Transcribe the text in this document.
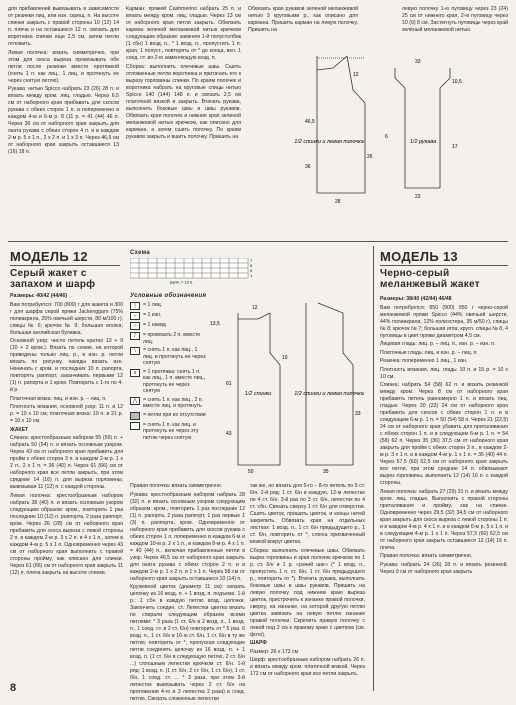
для прибавлений вывязывать в зависимости от резинки лиц. или изн. скрещ. п. На высоте спинки закрыть с правой стороны 10 (12) 14 п. плеча и на оставшихся 12 п. связать для воротника спинки еще 2,5 см, затем петли отложить.

Левая полочка: вязать симметрично, при этом для скоса выреза провязывать обе петли после резинки вместе протяжкой (снять 1 п. как лиц., 1 лиц. и протянуть ее через снятую петлю).

Рукава: нитью Spicco набрать 23 (26) 28 п. и вязать между кром. лиц. гладью. Через 6,5 см от наборного края прибавить для скосов рукава с обеих сторон 1 п. и попеременно в каждом 4-м и 6-м р. 8 (11 р. = 41 (44) 46 п. Через 36 см от наборного края закрыть для оката рукава с обеих сторон 4 п. и в каждом 2-м р. 5 х 1 п., 2 х 2 п. и 1 х 3 п. Через 46,5 см от наборного края закрыть оставшиеся 13 (16) 18 п.

Карман: пряжей Cashmerino набрать 25 п. и вязать между кром. лиц. гладью. Через 13 см от наборного края петли закрыть. Обвязать карман зеленой меланжевой нитью крючком следующим образом: заменяя 1-й полустолбик (1 сбн) 1 возд. п., * 1 возд. п., пропустить 1 п. края, 1 полуст., повторять от * до конца, вкл. 1 соед. ст. во 2-ю заменяющую возд. п.

Сборка: выполнить плечевые швы. Сшить отложенные петли воротника и притачать его к вырезу горловины спинки. По краям полочек и воротника набрать на круговые спицы нитью Spicco 140 (144) 148 п. и связать 2,5 см платочной вязкой и закрыть. Втачать рукава, выполнить боковые швы и швы рукавов. Обвязать края полочек и нижние края зеленой меланжевой нитью крючком, как описано для кармана, а затем сшить полочку. По краям рукавов закрыть и вшить полочку. Пришить на

Обвязать края рукавов зеленой меланжевой нитью 3 круговыми р., как описано для кармана. Пришить карман на левую полочку. Пришить на

левую полочку 1-ю пуговицу через 23 (24) 25 см от нижнего края, 2-ю пуговицу через 10 (9) 8 см. Застегнуть пуговицы через край зелёный меланжевой нитью.

1/2 спинки и левая полочка	1/2 рукава
46,5
36
28
12
26
23
33
10,5
6
17
МОДЕЛЬ 12
Серый жакет с запахом и шарф

Размеры: 40/42 (44/46)

Вам потребуется: 700 (800) г для жакета и 300 г для шарфа серой пряжи Jackenggarn (75% полиакрила, 25% овечьей шерсти, 80 м/100 г); спицы № 6; крючок № 9; большая иголка; большая английская булавка.

Основной узор: число петель кратно 13 + 9 (10 + 2 кром.). Вязать по схеме, на которой приведены только лиц. р., в изн. р. петли вязать по рисунку, накиды вязать изн. Начинать с кром. и последних 10 п. рапорта, повторять раппорт, заканчивать первыми 12 (1) п. рапорта и 1 кром. Повторить с 1-го по 4-й р.

Платочная вязка: лиц. и изн. р. – лиц. п.

Плотность вязания, основной узор: 11 п. и 12 р. = 10 х 10 см; платочная вязка: 10 п. и 21 р. = 10 х 10 см.

ЖАКЕТ

Спинка: крестообразным набором 55 (59) п. + набрать 50 (54) п. и вязать основным узором. Через 43 см от наборного края прибавить для пройм с обеих сторон 3 п. в каждом 2-м р. 1 х 2 п., 2 х 1 п. = 36 (40) п. Через 61 (66) см от наборного края все петли закрыть, при этом средние 14 (16) п. для выреза горловины, вывязывая 11 (12) п. с каждой стороны.

Левая полочка: крестообразным набором набрать 38 (40) п. и вязать основным узором следующим образом: кром., повторить 1 раз последние 10 (12) п. раппорта, 2 раза раппорт, кром. Через 26 (28) см от наборного края прибавить для скоса выреза с левой стороны 2 п. в каждом 2-м р. 3 х 2 п. и 4 х 1 п., затем в каждом 4-м р. 5 х 1 п. Одновременно через 43 см от наборного края выполнить с правой стороны пройму, как описано для спинки. Через 61 (66) см от наборного края закрыть 11 (12) п. плеча закрыть на высоте спинки.

Схема
1
3
5
7
рапп. = 13 п.
Условные обозначения
|	= 1 лиц.
–	= 1 изн.
○	= 1 накид
/	= провязать 2 п. вместе лиц.
\	= снять 1 п. как лиц., 1 лиц. и протянуть ее через снятую
∧	= 1 протяжка: снять 1 п. как лиц., 1 п. вместе лиц., протянуть ее через снятую
⋀	= снять 1 п. как лиц., 2 п. вместе лиц. и протянуть
= петли при их отсутствии
⌒	= снять 1 п. как лиц. и протянуть ее через эту петлю через снятую
1/2 спинки и левая полочка
1/2 спинки
61
43
50	35
12
33
13,5
10

Правая полочка: вязать симметрично.

Рукава: крестообразным набором набрать 28 (32) п. и вязать основным узором следующим образом: кром., повторить 1 раз последние 12 (1) п. рапорта, 2 раза раппорт, 1 раз первые 1 (3) п. раппорта, кром. Одновременно от наборного края прибавить для скосов рукава с обеих сторон 1 п. попеременно в каждом 6-м и каждом 10-м р. 2 х 1 п., в каждом 8-м р. 4 х 1 п. = 40 (44) п., включая прибавленные петли в узор. Через 46,5 см от наборного края закрыть для оката рукава с обеих сторон 2 п. и в каждом 2-м р. 1 х 2 п. и 1 х 1 п. Через 58 см от наборного края закрыть оставшиеся 10 (14) п.

Кружевной цветок (диаметр 11 см): связать цепочку из 16 возд. п. + 1 возд. п. подъема. 1-й р.: 1 сбн в каждую петлю возд. цепочки. Закончить соедин. ст. Лепестки цветка вязать по спирали следующим образом всеми петлями: * 3 раза (1 ст. 6/н в 2 возд. п., 1 возд. п., 1 соед. ст. в 2 ст. 6/н) повторить от * 5 раз. 6 возд. п., 1 ст. 6/н в 16-ю ст. 6/н, 1 ст. 6/н в ту же петлю, повторить от *, пропуская следующие петли соединять цепочку из 16 возд. п. + 1 возд. п. (1 ст. 6/н в следующую петлю, 2 ст. 6/н ...) сплошным лепестки крючком ст. 6/н. 1-й ряд: 1 возд. п. (1 ст. 6/н, 2 ст. 6/н, 1 ст. 6/н), 1 ст. б/н, 1 соед. ст. ... * 3 раза, при этом 3-й лепесток вывязывать через 2 ст. 6/н на протяжении 4-го и 3 лепестка 2 раза) в соед. петлю. Связать сложенные лепестки

так же, но вязать для 5-го – 8-го петель по 5 ст. 6/н. 2-й ряд: 1 ст. 6/н в каждую, 12-м лепестке по 4 ст. 6/н. 3-й раз по 3 ст. 6/н, лепесток по 4 ст. сбн. Связать сверху 1 ст. 6/н для отверстия. Сшить цветок, пришить цветок, и концы нитей закрепить. Обвязать края на отдельных листках: 1 возд. п., 1 ст. 6/н предыдущего р., 1 ст. 6/н, повторить от *, слегка прихваченный вязкой вокруг цветка.

Сборка: выполнить плечевые швы. Обвязать вырез горловины и края полочек крючком по 1 р. ст. 6/н и 1 р. «рачий шаг» (* 1 возд. п., пропустить 1 п. ст. 6/н, 1 ст. 6/н предыдущего р., повторить от *). Втачать рукава, выполнить боковые швы и швы рукавов. Пришить на левую полочку под нижнем краю выреза цветок, пристрочить к изнанке правой полочки, сверху, на изнанке, на которой другую петлю цветка завязать на левую петлю изнанке правой полочки. Скрепить правую полочку с левой под 2 см к правому краю с цветком (см. фото).

ШАРФ

Размер: 26 х 172 см

Шарф: крестообразным набором набрать 26 п. и вязать между кром. платочной вязкой. Через 172 см от наборного края все петли закрыть.

МОДЕЛЬ 13
Черно-серый меланжевый жакет

Размеры: 38/40 (42/44) 46/48

Вам потребуется: 850 (900) 950 г черно-серой меланжевой пряжи Spicco (44% овечьей шерсти, 44% полиакрила, 12% полиэстера, 35 м/50 г), спицы № 8; крючок № 7; большая игла; кругл. спицы № 8, 4 пуговицы в цвет пряжи диаметром 4,5 см.

Лицевая гладь: лиц. р. – лиц. п., изн. р. – изн. п.

Платочные гладь: лиц. и изн. р. – лиц. п.

Резинка: попеременно 1 лиц., 1 изн.

Плотность вязания, лиц. гладь: 10 п. и 15 р. = 10 х 10 см.

Спинка: набрать 54 (58) 62 п. и вязать резинкой между кром. Через 8 см от наборного края прибавить петель равномерно 1 п. и вязать лиц. гладью. Через 20 (22) 24 см от наборного края прибавить для скосов с обеих сторон 1 п. и в следующем 6-м р. 1 п. = 50 (54) 58 п. Через 21 (22,5) 24 см от наборного края убавить для приталивания с обеих сторон 1 п. и в следующем 6-м р. 1 п. = 54 (58) 62 п. Через 35 (36) 37,5 см от наборного края закрыть для пройм с обеих сторон 3 п., в каждом 2-м р. 3 х 1 п. и в каждом 4-м р. 1 х 1 п. = 36 (40) 44 п. Через 57,5 (60) 62,5 см от наборного края закрыть все петли, при этом средние 14 п. обвязывают вырез горловины, выполнить 12 (14) 16 п. с каждой стороны.

Левая полочка: набрать 27 (29) 31 п. и вязать между кром. лиц. гладью. Выполнить с правой стороны приталивание и пройму, как на спинке. Одновременно через 29,5 (32) 34,5 см от наборного края закрыть для скоса выреза с левой стороны 1 п. и в каждом 4-м р. 4 х 1 п. и в каждом 6-м р. 5 х 1 п. и в следующем 4-м р. 1 х 1 п. Через 57,5 (60) 62,5 см от наборного края закрыть оставшиеся 12 (14) 16 п. плеча.

Правая полочка: вязать симметрично.

Рукава: набрать 24 (26) 28 п. и вязать резинкой. Через 9 см от наборного края закрыть

8
